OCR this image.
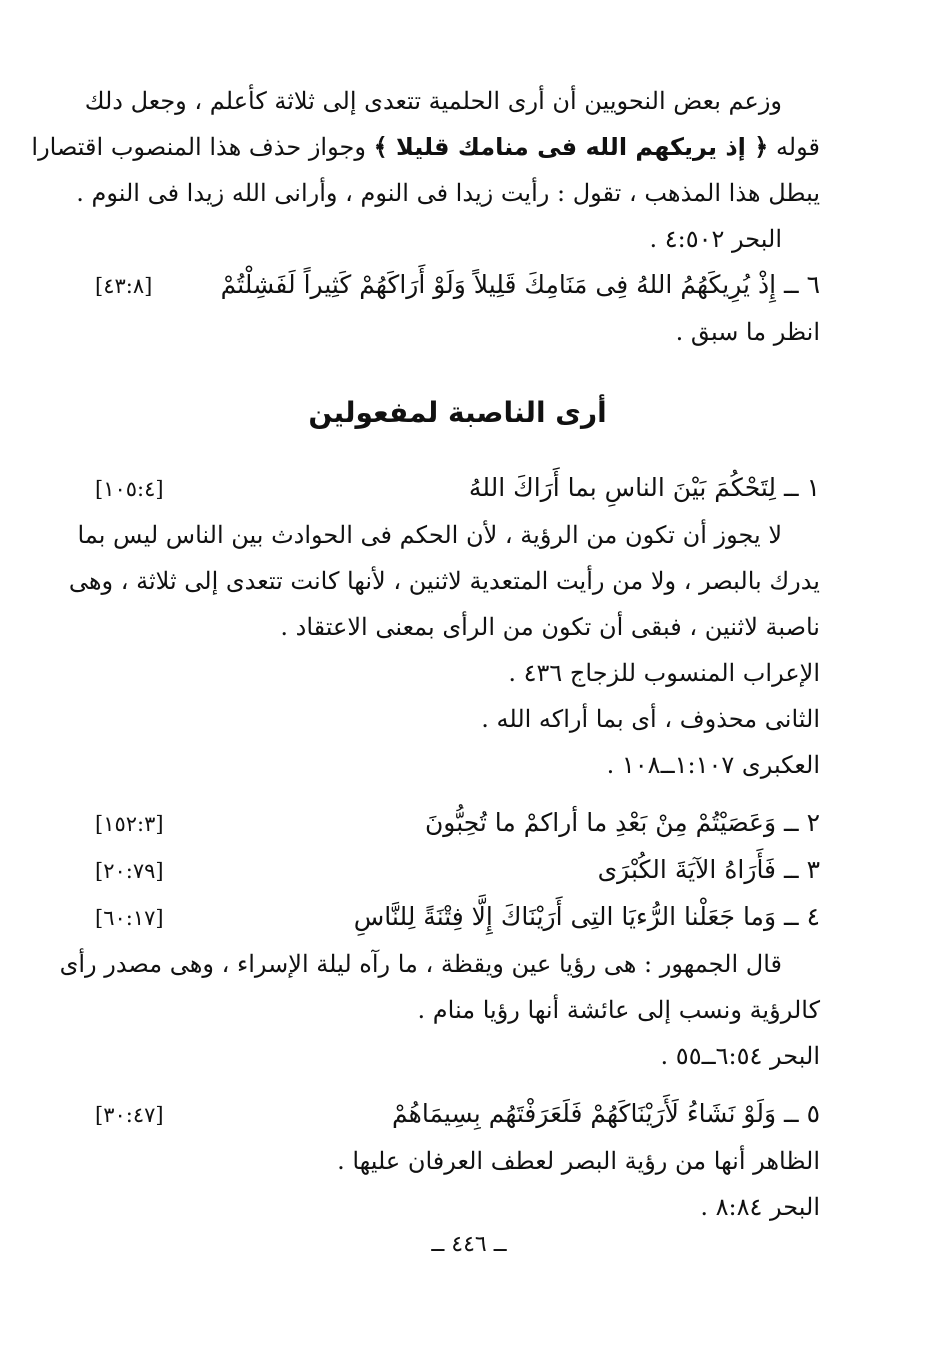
وزعم بعض النحويين أن أرى الحلمية تتعدى إلى ثلاثة كأعلم ، وجعل دلك
قوله ﴿ إذ يريكهم الله فى منامك قليلا ﴾ وجواز حذف هذا المنصوب اقتصارا
يبطل هذا المذهب ، تقول : رأيت زيدا فى النوم ، وأرانى الله زيدا فى النوم .
البحر ٤:٥٠٢ .
٦ ــ إِذْ يُرِيكَهُمُ اللهُ فِى مَنَامِكَ قَلِيلاً وَلَوْ أَرَاكَهُمْ كَثِيراً لَفَشِلْتُمْ
[٤٣:٨]
انظر ما سبق .
أرى الناصبة لمفعولين
١ ــ لِتَحْكُمَ بَيْنَ الناسِ بما أَرَاكَ اللهُ
[١٠٥:٤]
لا يجوز أن تكون من الرؤية ، لأن الحكم فى الحوادث بين الناس ليس بما
يدرك بالبصر ، ولا من رأيت المتعدية لاثنين ، لأنها كانت تتعدى إلى ثلاثة ، وهى
ناصبة لاثنين ، فبقى أن تكون من الرأى بمعنى الاعتقاد .
الإعراب المنسوب للزجاج ٤٣٦ .
الثانى محذوف ، أى بما أراكه الله .
العكبرى ١:١٠٧ــ١٠٨ .
٢ ــ وَعَصَيْتُمْ مِنْ بَعْدِ ما أراكمْ ما تُحِبُّونَ
[١٥٢:٣]
٣ ــ فَأَرَاهُ الآيَةَ الكُبْرَى
[٢٠:٧٩]
٤ ــ وَما جَعَلْنا الرُّءيَا التِى أَرَيْنَاكَ إِلَّا فِتْنَةً لِلنَّاسِ
[٦٠:١٧]
قال الجمهور : هى رؤيا عين ويقظة ، ما رآه ليلة الإسراء ، وهى مصدر رأى
كالرؤية ونسب إلى عائشة أنها رؤيا منام .
البحر ٦:٥٤ــ٥٥ .
٥ ــ وَلَوْ نَشَاءُ لَأَرَيْنَاكَهُمْ فَلَعَرَفْتَهُم بِسِيمَاهُمْ
[٣٠:٤٧]
الظاهر أنها من رؤية البصر لعطف العرفان عليها .
البحر ٨:٨٤ .
ــ ٤٤٦ ــ
